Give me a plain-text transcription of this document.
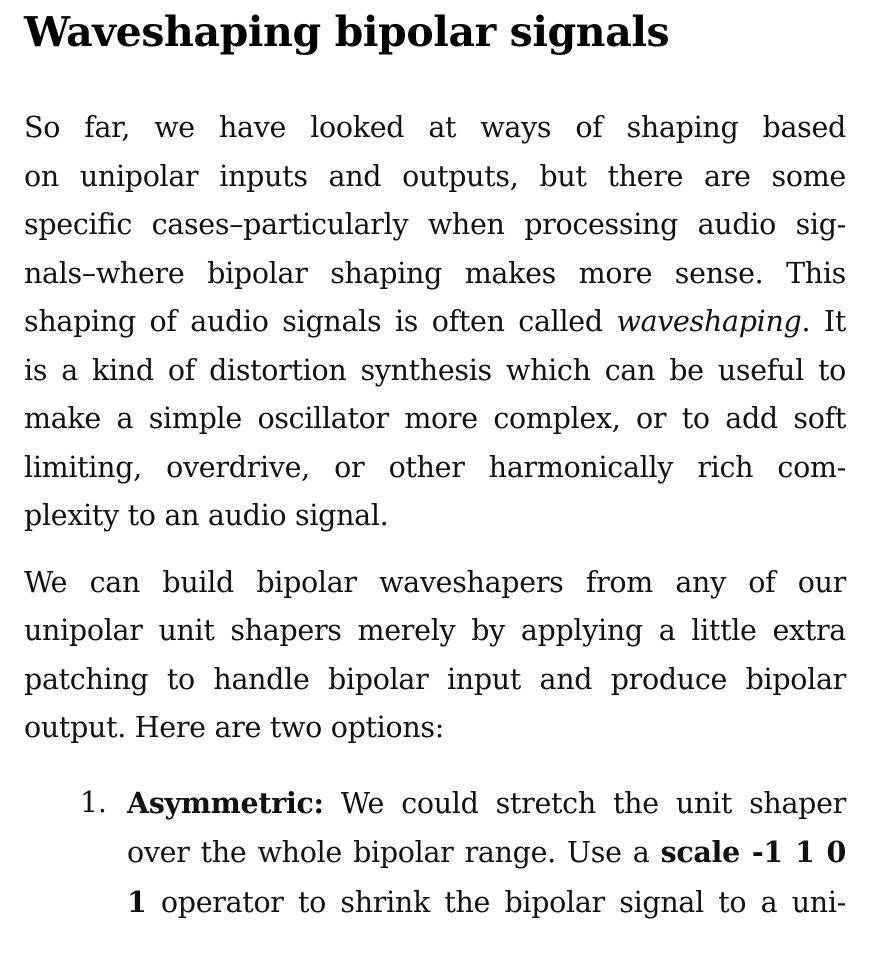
Waveshaping bipolar signals
So far, we have looked at ways of shaping based
on unipolar inputs and outputs, but there are some
specific cases–particularly when processing audio sig-
nals–where bipolar shaping makes more sense. This
shaping of audio signals is often called waveshaping. It
is a kind of distortion synthesis which can be useful to
make a simple oscillator more complex, or to add soft
limiting, overdrive, or other harmonically rich com-
plexity to an audio signal.
We can build bipolar waveshapers from any of our
unipolar unit shapers merely by applying a little extra
patching to handle bipolar input and produce bipolar
output. Here are two options:
1. Asymmetric: We could stretch the unit shaper
over the whole bipolar range. Use a scale -1 1 0
1 operator to shrink the bipolar signal to a uni-
